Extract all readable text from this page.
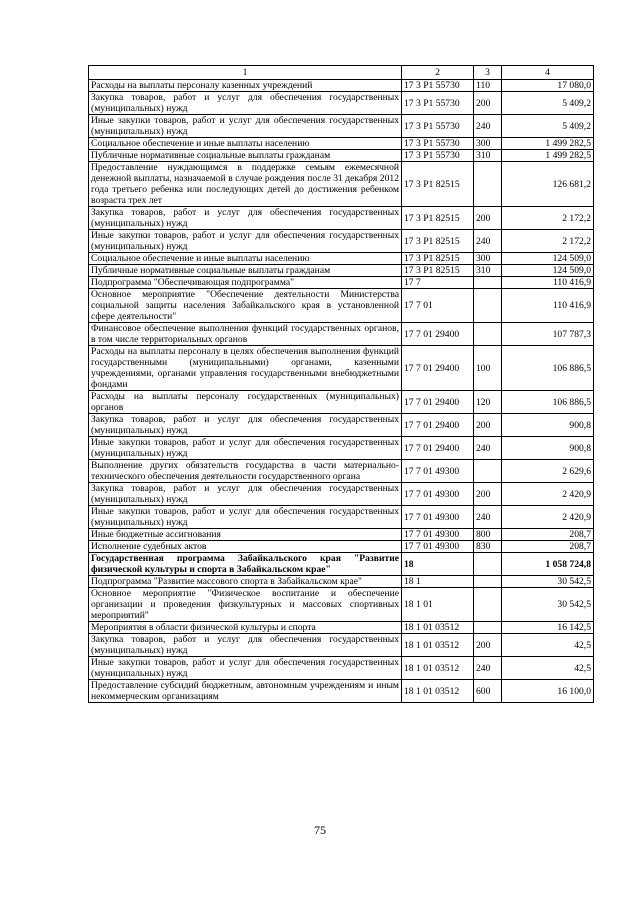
1	2	3	4
Расходы на выплаты персоналу казенных учреждений	17 3 P1 55730	110	17 080,0
Закупка товаров, работ и услуг для обеспечения государственных (муниципальных) нужд	17 3 P1 55730	200	5 409,2
Иные закупки товаров, работ и услуг для обеспечения государственных (муниципальных) нужд	17 3 P1 55730	240	5 409,2
Социальное обеспечение и иные выплаты населению	17 3 P1 55730	300	1 499 282,5
Публичные нормативные социальные выплаты гражданам	17 3 P1 55730	310	1 499 282,5
Предоставление нуждающимся в поддержке семьям ежемесячной денежной выплаты, назначаемой в случае рождения после 31 декабря 2012 года третьего ребенка или последующих детей до достижения ребенком возраста трех лет	17 3 P1 82515		126 681,2
Закупка товаров, работ и услуг для обеспечения государственных (муниципальных) нужд	17 3 P1 82515	200	2 172,2
Иные закупки товаров, работ и услуг для обеспечения государственных (муниципальных) нужд	17 3 P1 82515	240	2 172,2
Социальное обеспечение и иные выплаты населению	17 3 P1 82515	300	124 509,0
Публичные нормативные социальные выплаты гражданам	17 3 P1 82515	310	124 509,0
Подпрограмма "Обеспечивающая подпрограмма"	17 7		110 416,9
Основное мероприятие "Обеспечение деятельности Министерства социальной защиты населения Забайкальского края в установленной сфере деятельности"	17 7 01		110 416,9
Финансовое обеспечение выполнения функций государственных органов, в том числе территориальных органов	17 7 01 29400		107 787,3
Расходы на выплаты персоналу в целях обеспечения выполнения функций государственными (муниципальными) органами, казенными учреждениями, органами управления государственными внебюджетными фондами	17 7 01 29400	100	106 886,5
Расходы на выплаты персоналу государственных (муниципальных) органов	17 7 01 29400	120	106 886,5
Закупка товаров, работ и услуг для обеспечения государственных (муниципальных) нужд	17 7 01 29400	200	900,8
Иные закупки товаров, работ и услуг для обеспечения государственных (муниципальных) нужд	17 7 01 29400	240	900,8
Выполнение других обязательств государства в части материально-технического обеспечения деятельности государственного органа	17 7 01 49300		2 629,6
Закупка товаров, работ и услуг для обеспечения государственных (муниципальных) нужд	17 7 01 49300	200	2 420,9
Иные закупки товаров, работ и услуг для обеспечения государственных (муниципальных) нужд	17 7 01 49300	240	2 420,9
Иные бюджетные ассигнования	17 7 01 49300	800	208,7
Исполнение судебных актов	17 7 01 49300	830	208,7
Государственная программа Забайкальского края "Развитие физической культуры и спорта в Забайкальском крае"	18		1 058 724,8
Подпрограмма "Развитие массового спорта в Забайкальском крае"	18 1		30 542,5
Основное мероприятие "Физическое воспитание и обеспечение организации и проведения физкультурных и массовых спортивных мероприятий"	18 1 01		30 542,5
Мероприятия в области физической культуры и спорта	18 1 01 03512		16 142,5
Закупка товаров, работ и услуг для обеспечения государственных (муниципальных) нужд	18 1 01 03512	200	42,5
Иные закупки товаров, работ и услуг для обеспечения государственных (муниципальных) нужд	18 1 01 03512	240	42,5
Предоставление субсидий бюджетным, автономным учреждениям и иным некоммерческим организациям	18 1 01 03512	600	16 100,0
75
